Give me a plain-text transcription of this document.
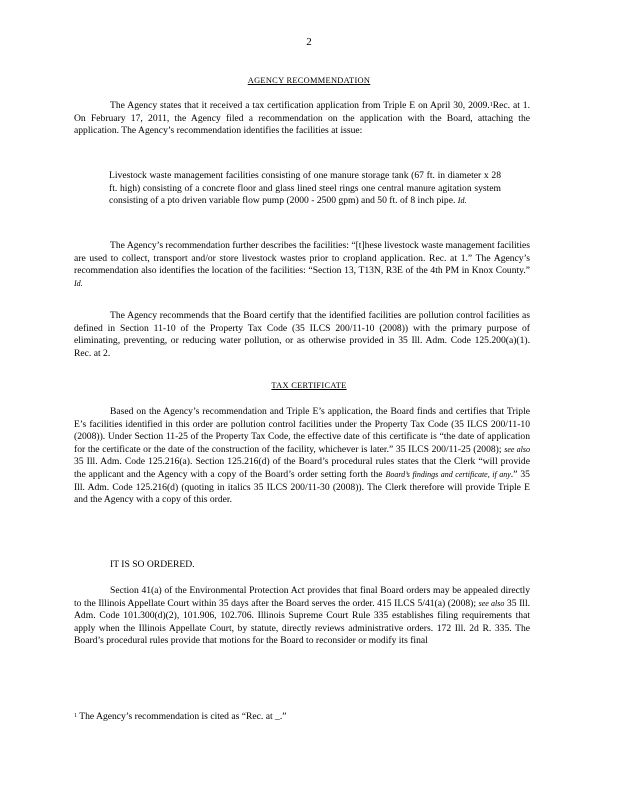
2
AGENCY RECOMMENDATION

The Agency states that it received a tax certification application from Triple E on April 30, 2009.$^1$Rec. at 1. On February 17, 2011, the Agency filed a recommendation on the application with the Board, attaching the application. The Agency’s recommendation identifies the facilities at issue:

Livestock waste management facilities consisting of one manure storage tank (67 ft. in diameter x 28 ft. high) consisting of a concrete floor and glass lined steel rings one central manure agitation system consisting of a pto driven variable flow pump (2000 - 2500 gpm) and 50 ft. of 8 inch pipe. Id.

The Agency’s recommendation further describes the facilities: “[t]hese livestock waste management facilities are used to collect, transport and/or store livestock wastes prior to cropland application. Rec. at 1.” The Agency’s recommendation also identifies the location of the facilities: “Section 13, T13N, R3E of the 4th PM in Knox County.” Id.

The Agency recommends that the Board certify that the identified facilities are pollution control facilities as defined in Section 11-10 of the Property Tax Code (35 ILCS 200/11-10 (2008)) with the primary purpose of eliminating, preventing, or reducing water pollution, or as otherwise provided in 35 Ill. Adm. Code 125.200(a)(1). Rec. at 2.

TAX CERTIFICATE

Based on the Agency’s recommendation and Triple E’s application, the Board finds and certifies that Triple E’s facilities identified in this order are pollution control facilities under the Property Tax Code (35 ILCS 200/11-10 (2008)). Under Section 11-25 of the Property Tax Code, the effective date of this certificate is “the date of application for the certificate or the date of the construction of the facility, whichever is later.” 35 ILCS 200/11-25 (2008); see also 35 Ill. Adm. Code 125.216(a). Section 125.216(d) of the Board’s procedural rules states that the Clerk “will provide the applicant and the Agency with a copy of the Board’s order setting forth the Board’s findings and certificate, if any.” 35 Ill. Adm. Code 125.216(d) (quoting in italics 35 ILCS 200/11-30 (2008)). The Clerk therefore will provide Triple E and the Agency with a copy of this order.

IT IS SO ORDERED.

Section 41(a) of the Environmental Protection Act provides that final Board orders may be appealed directly to the Illinois Appellate Court within 35 days after the Board serves the order. 415 ILCS 5/41(a) (2008); see also 35 Ill. Adm. Code 101.300(d)(2), 101.906, 102.706. Illinois Supreme Court Rule 335 establishes filing requirements that apply when the Illinois Appellate Court, by statute, directly reviews administrative orders. 172 Ill. 2d R. 335. The Board’s procedural rules provide that motions for the Board to reconsider or modify its final

$^1$ The Agency’s recommendation is cited as “Rec. at _.”
